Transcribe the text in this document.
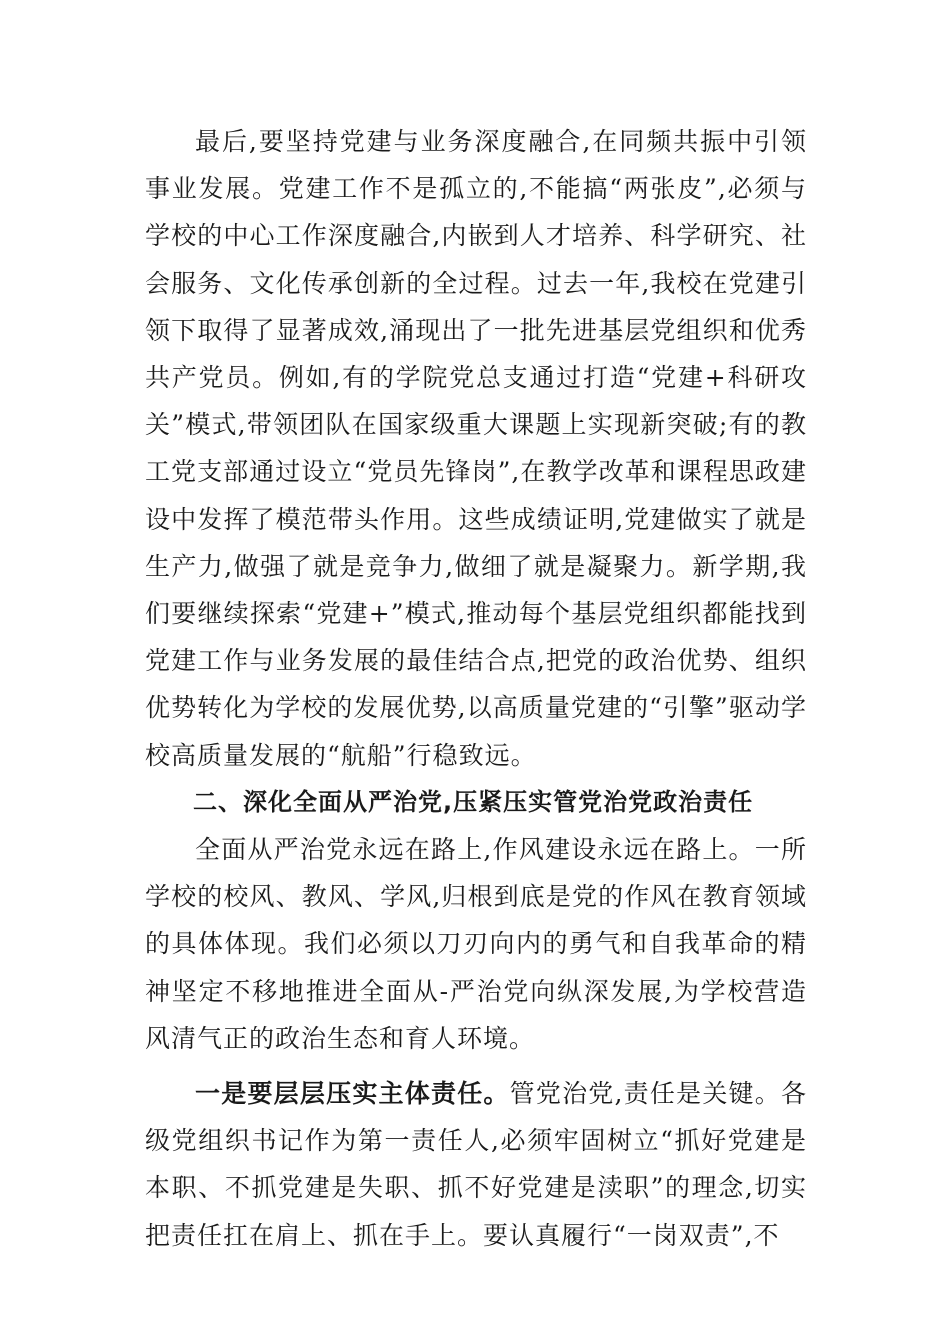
最后,要坚持党建与业务深度融合,在同频共振中引领事业发展。党建工作不是孤立的,不能搞“两张皮”,必须与学校的中心工作深度融合,内嵌到人才培养、科学研究、社会服务、文化传承创新的全过程。过去一年,我校在党建引领下取得了显著成效,涌现出了一批先进基层党组织和优秀共产党员。例如,有的学院党总支通过打造“党建+科研攻关”模式,带领团队在国家级重大课题上实现新突破;有的教工党支部通过设立“党员先锋岗”,在教学改革和课程思政建设中发挥了模范带头作用。这些成绩证明,党建做实了就是生产力,做强了就是竞争力,做细了就是凝聚力。新学期,我们要继续探索“党建+”模式,推动每个基层党组织都能找到党建工作与业务发展的最佳结合点,把党的政治优势、组织优势转化为学校的发展优势,以高质量党建的“引擎”驱动学校高质量发展的“航船”行稳致远。

二、深化全面从严治党,压紧压实管党治党政治责任

全面从严治党永远在路上,作风建设永远在路上。一所学校的校风、教风、学风,归根到底是党的作风在教育领域的具体体现。我们必须以刀刃向内的勇气和自我革命的精神坚定不移地推进全面从-严治党向纵深发展,为学校营造风清气正的政治生态和育人环境。

一是要层层压实主体责任。管党治党,责任是关键。各级党组织书记作为第一责任人,必须牢固树立“抓好党建是本职、不抓党建是失职、抓不好党建是渎职”的理念,切实把责任扛在肩上、抓在手上。要认真履行“一岗双责”,不
